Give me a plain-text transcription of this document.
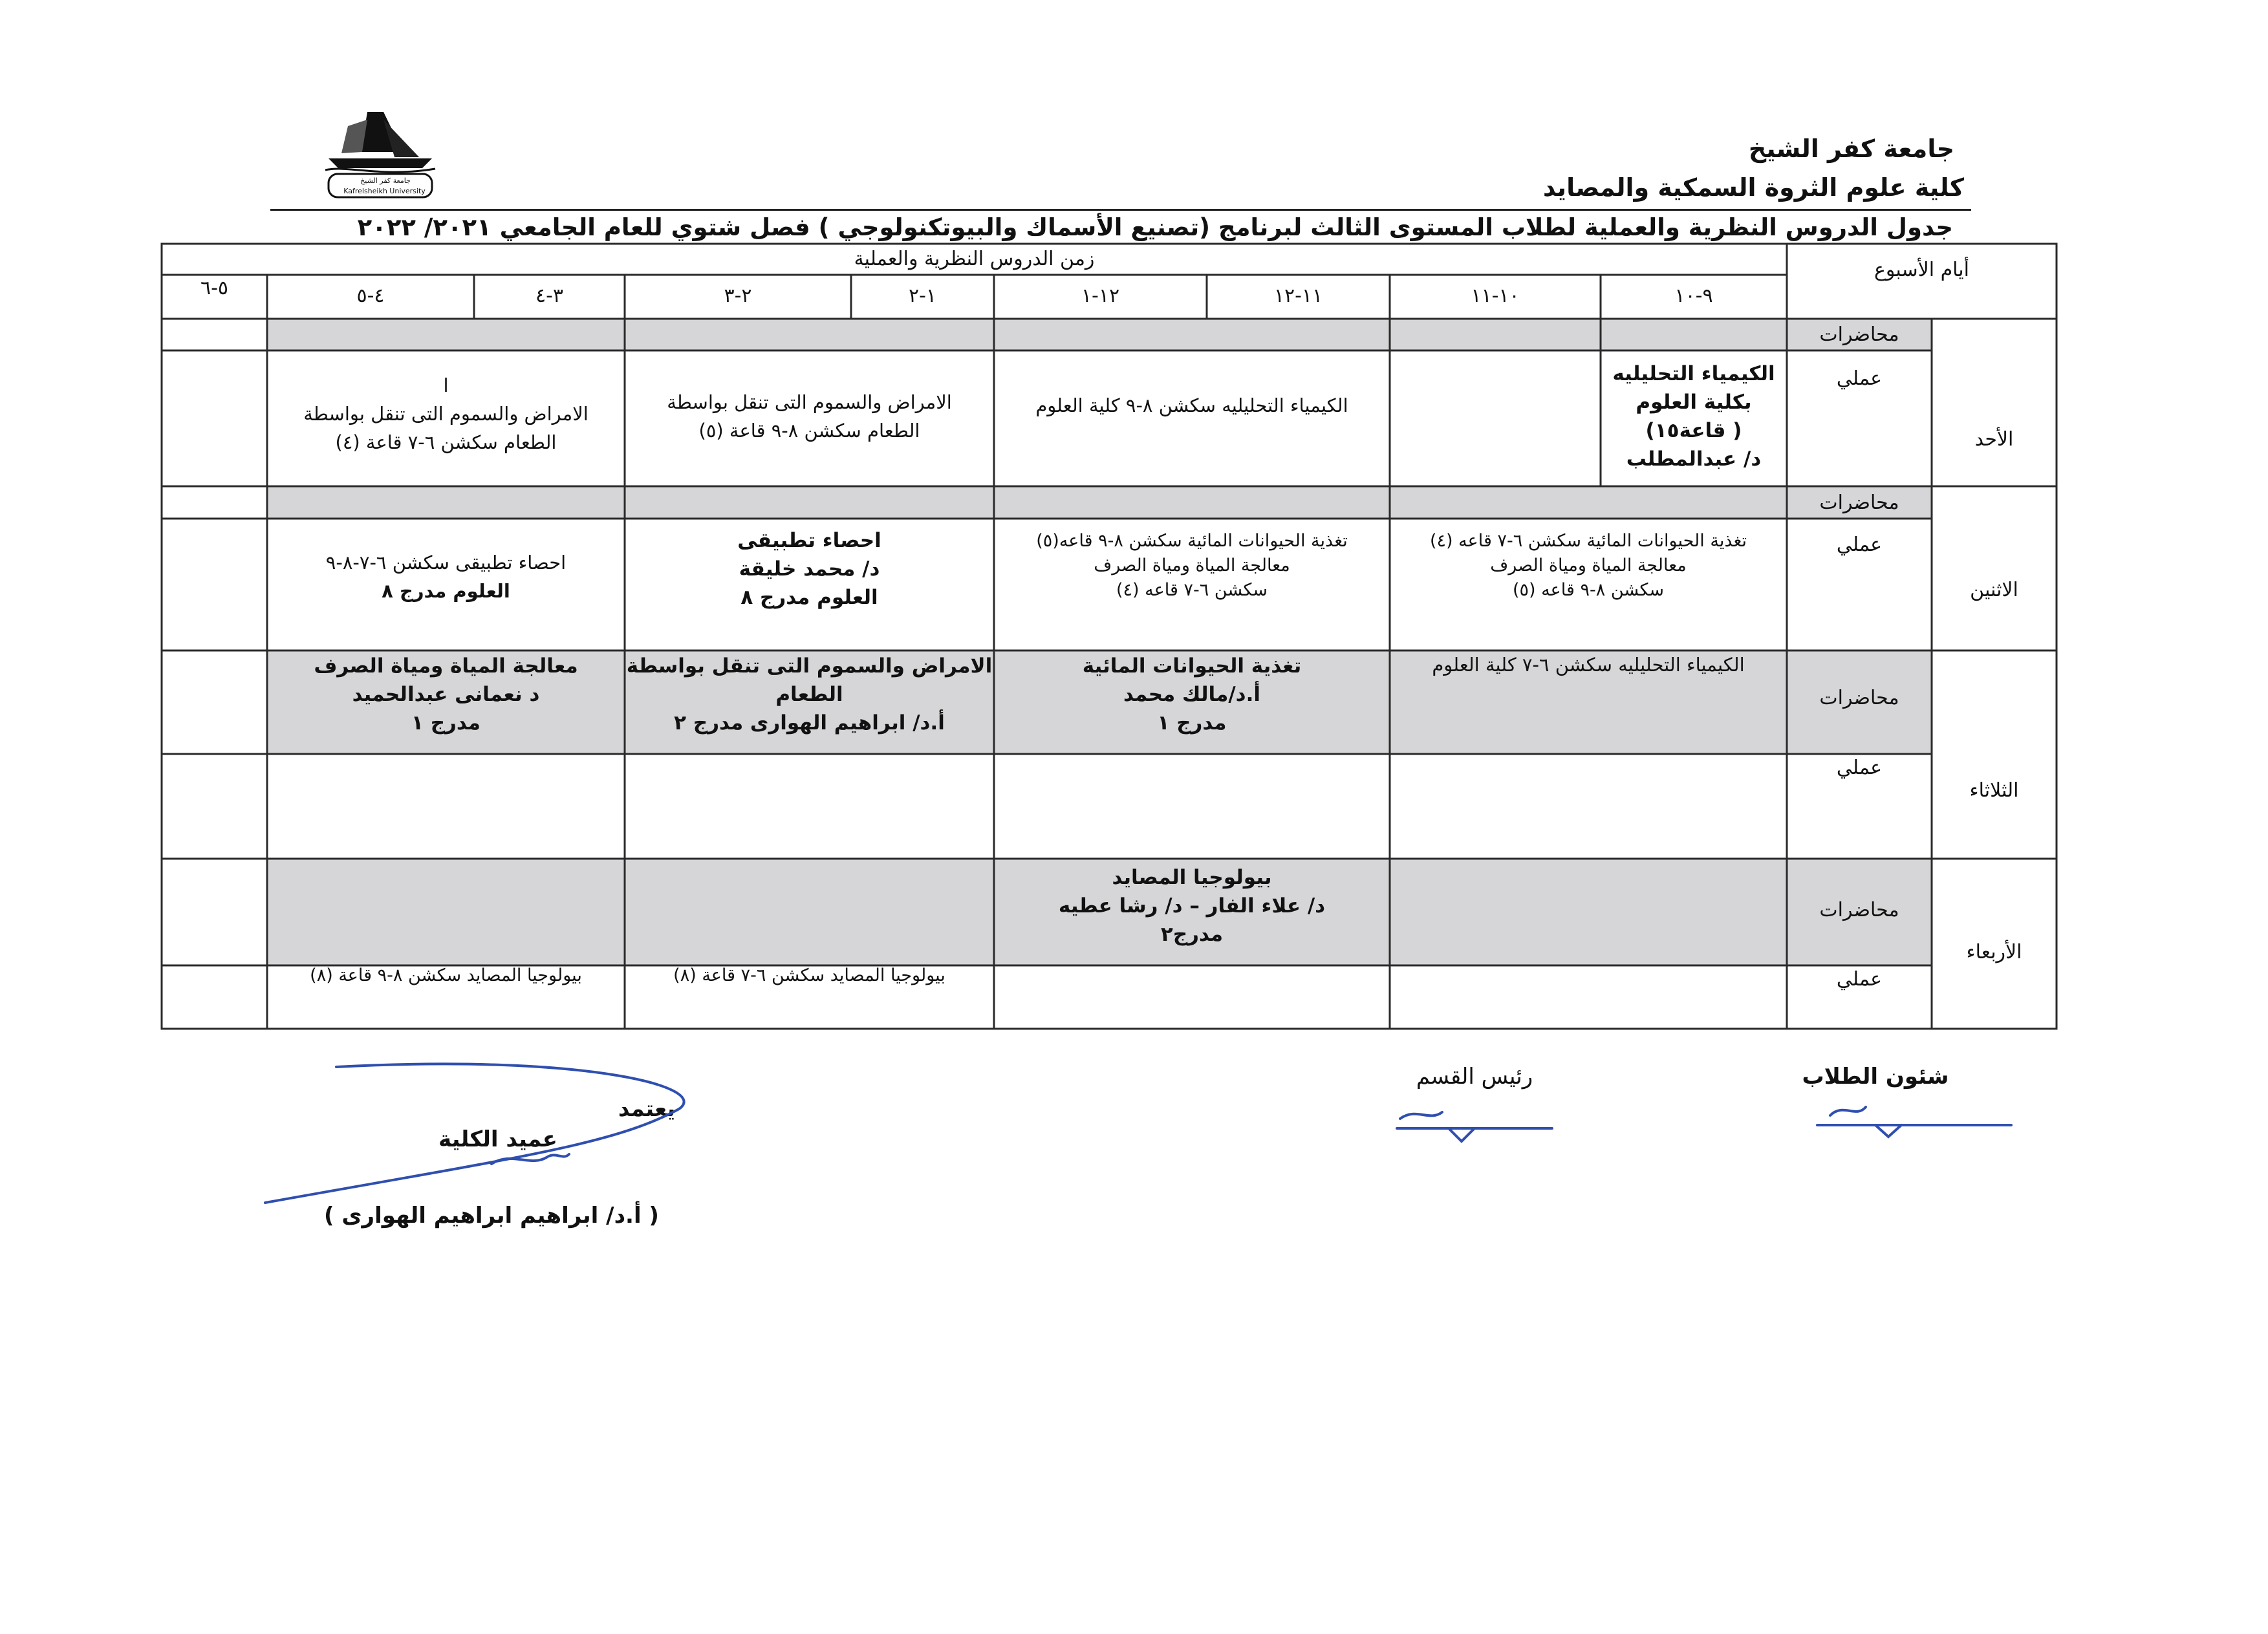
جامعة كفر الشيخ
كلية علوم الثروة السمكية والمصايد
جدول الدروس النظرية والعملية لطلاب المستوى الثالث لبرنامج (تصنيع الأسماك والبيوتكنولوجي ) فصل شتوي للعام الجامعي ٢٠٢١/ ٢٠٢٢
جامعة كفر الشيخ
Kafrelsheikh University
أيام الأسبوع
زمن الدروس النظرية والعملية
٩-١٠
١٠-١١
١١-١٢
١٢-١
١-٢
٢-٣
٣-٤
٤-٥
٥-٦
الأحد
الاثنين
الثلاثاء
الأربعاء
محاضرات
عملي
محاضرات
عملي
محاضرات
عملي
محاضرات
عملي
الكيمياء التحليليه
بكلية العلوم
( قاعة١٥)
د/ عبدالمطلب
الكيمياء التحليليه سكشن ٨-٩ كلية العلوم
الامراض والسموم التى تنقل بواسطة
الطعام سكشن ٨-٩ قاعة (٥)
ا
الامراض والسموم التى تنقل بواسطة
الطعام سكشن ٦-٧ قاعة (٤)
تغذية الحيوانات المائية سكشن ٦-٧ قاعه (٤)
معالجة المياة ومياة الصرف
سكشن ٨-٩ قاعه (٥)
تغذية الحيوانات المائية سكشن ٨-٩ قاعه(٥)
معالجة المياة ومياة الصرف
سكشن ٦-٧ قاعه (٤)
احصاء تطبيقى
د/ محمد خليقة
العلوم مدرج ٨
احصاء تطبيقى سكشن ٦-٧-٨-٩
العلوم مدرج ٨
الكيمياء التحليليه سكشن ٦-٧ كلية العلوم
تغذية الحيوانات المائية
أ.د/مالك محمد
مدرج ١
الامراض والسموم التى تنقل بواسطة
الطعام
أ.د/ ابراهيم الهوارى مدرج ٢
معالجة المياة ومياة الصرف
د نعمانى عبدالحميد
مدرج ١
بيولوجيا المصايد
د/ علاء الفار – د/ رشا عطيه
مدرج٢
بيولوجيا المصايد سكشن ٦-٧ قاعة (٨)
بيولوجيا المصايد سكشن ٨-٩ قاعة (٨)
شئون الطلاب
رئيس القسم
يعتمد
عميد الكلية
( أ.د/ ابراهيم ابراهيم الهوارى )
